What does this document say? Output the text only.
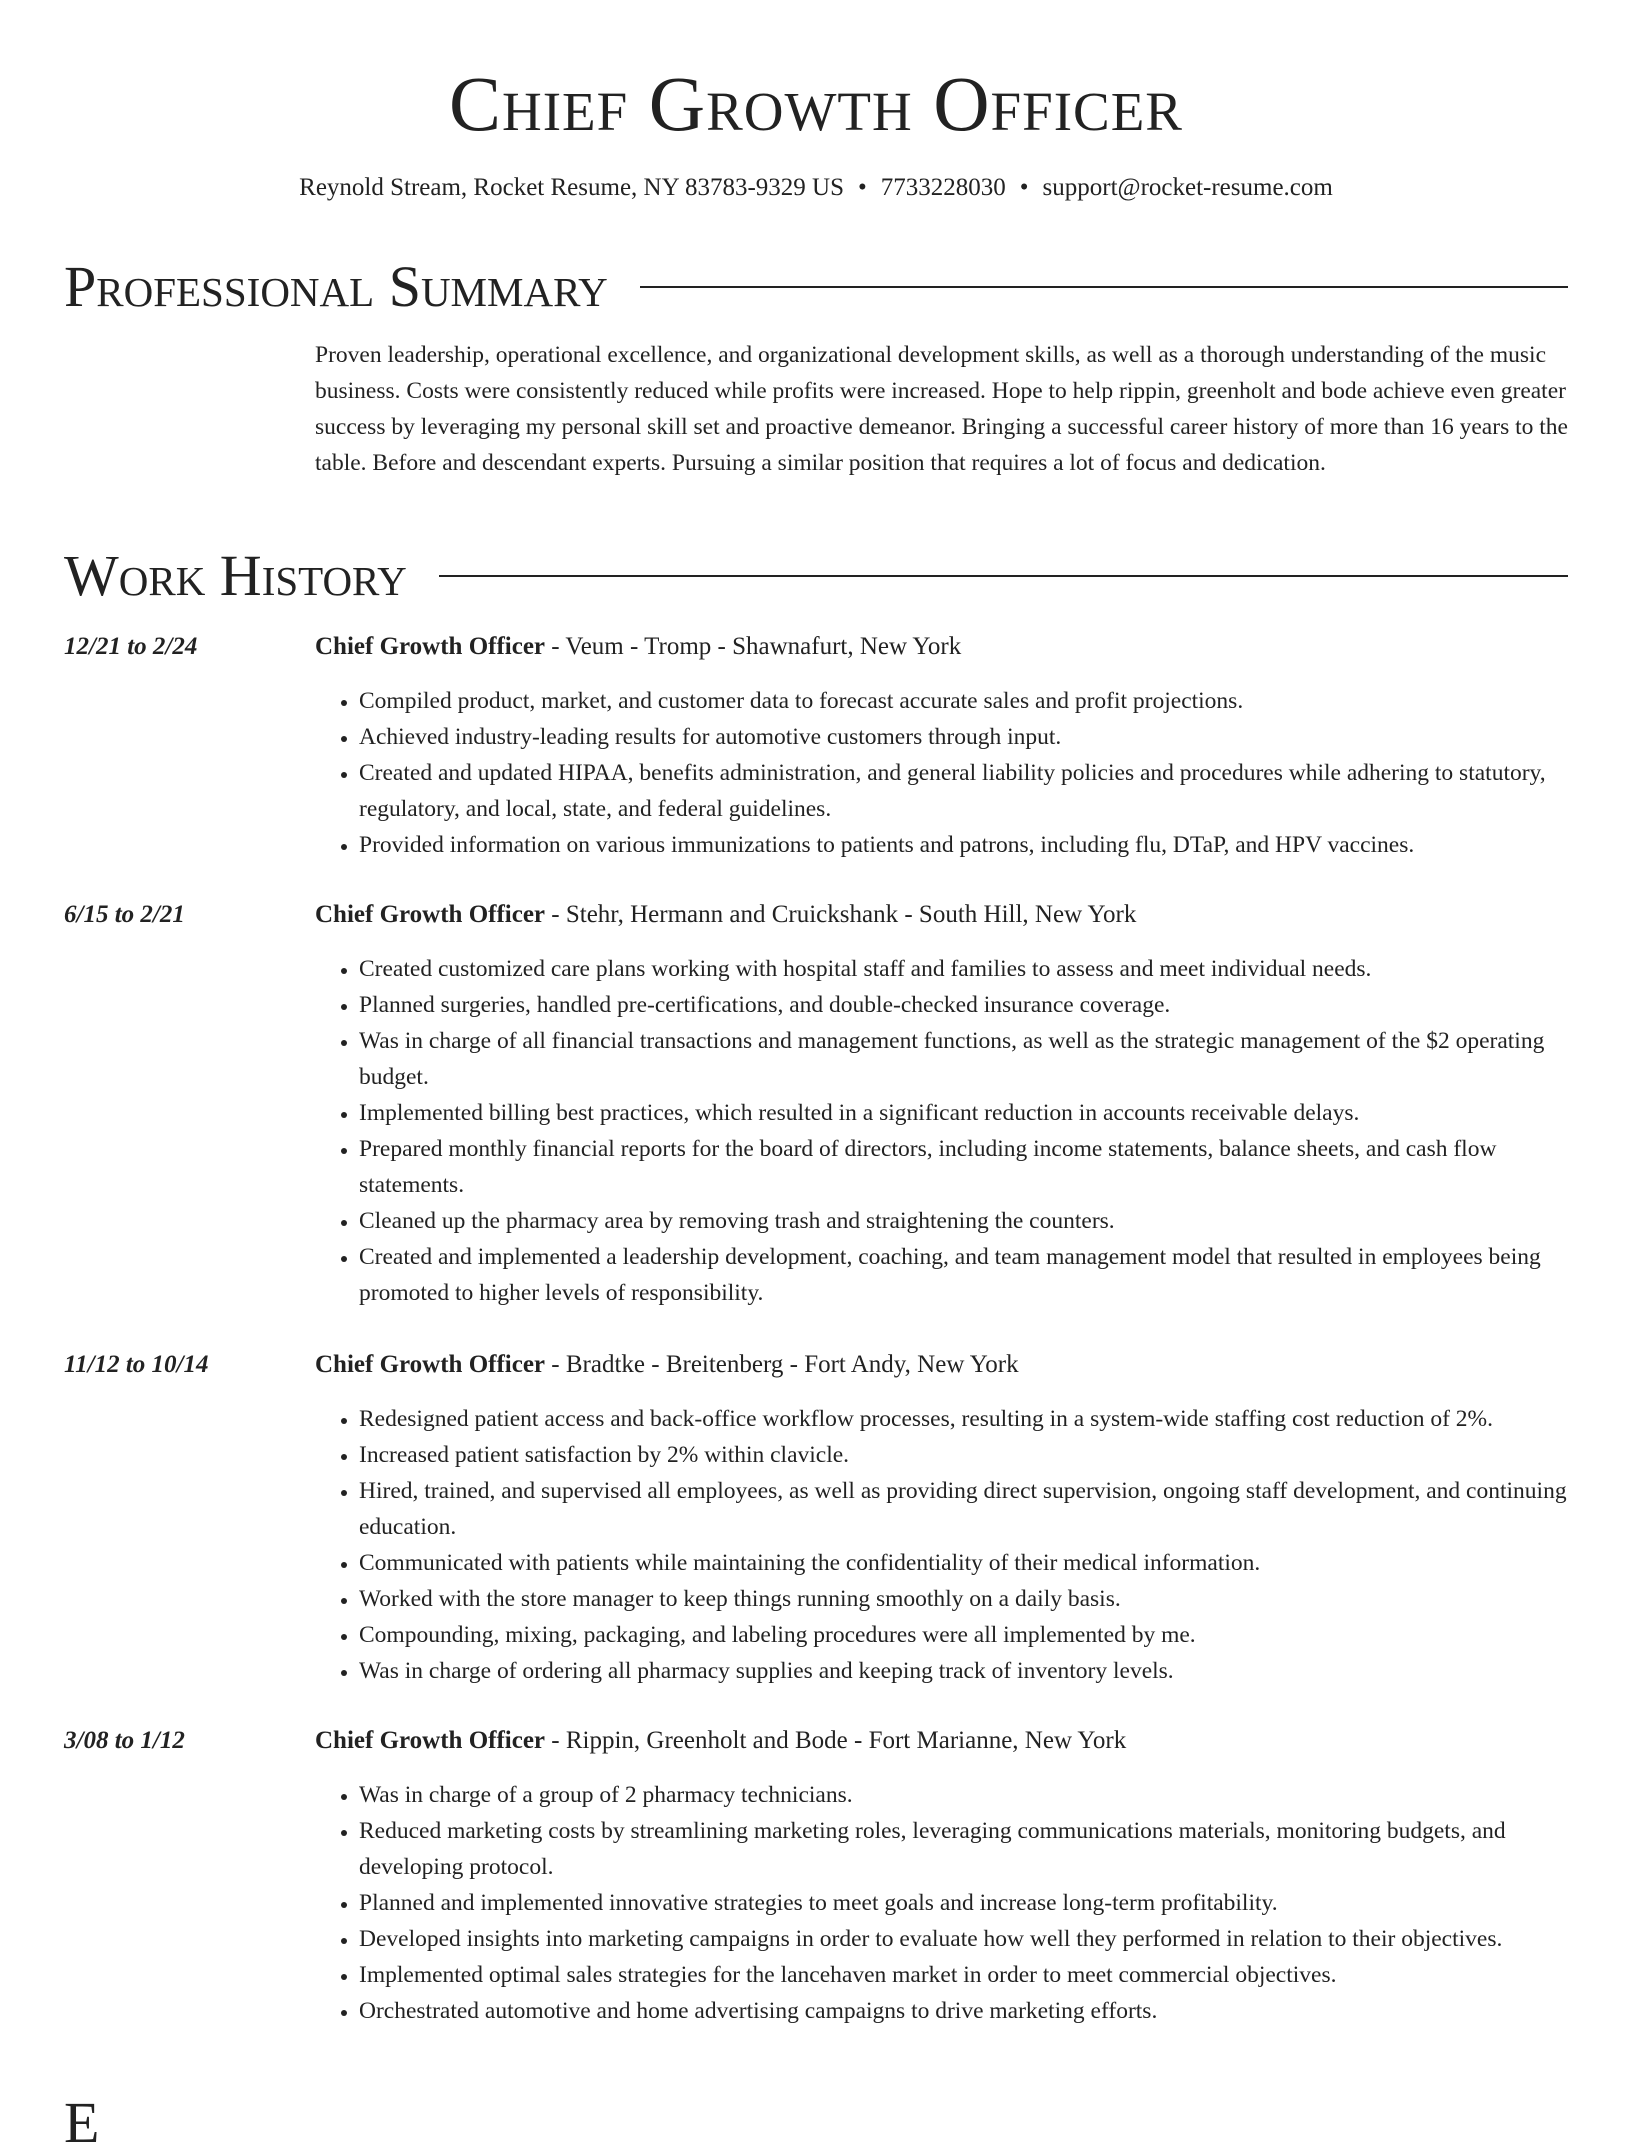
Chief Growth Officer
Reynold Stream, Rocket Resume, NY 83783-9329 US • 7733228030 • support@rocket-resume.com
Professional Summary

Proven leadership, operational excellence, and organizational development skills, as well as a thorough understanding of the music business. Costs were consistently reduced while profits were increased. Hope to help rippin, greenholt and bode achieve even greater success by leveraging my personal skill set and proactive demeanor. Bringing a successful career history of more than 16 years to the table. Before and descendant experts. Pursuing a similar position that requires a lot of focus and dedication.

Work History
12/21 to 2/24	Chief Growth Officer - Veum - Tromp - Shawnafurt, New York
• Compiled product, market, and customer data to forecast accurate sales and profit projections.
• Achieved industry-leading results for automotive customers through input.
• Created and updated HIPAA, benefits administration, and general liability policies and procedures while adhering to statutory, regulatory, and local, state, and federal guidelines.
• Provided information on various immunizations to patients and patrons, including flu, DTaP, and HPV vaccines.
6/15 to 2/21	Chief Growth Officer - Stehr, Hermann and Cruickshank - South Hill, New York
• Created customized care plans working with hospital staff and families to assess and meet individual needs.
• Planned surgeries, handled pre-certifications, and double-checked insurance coverage.
• Was in charge of all financial transactions and management functions, as well as the strategic management of the $2 operating budget.
• Implemented billing best practices, which resulted in a significant reduction in accounts receivable delays.
• Prepared monthly financial reports for the board of directors, including income statements, balance sheets, and cash flow statements.
• Cleaned up the pharmacy area by removing trash and straightening the counters.
• Created and implemented a leadership development, coaching, and team management model that resulted in employees being promoted to higher levels of responsibility.
11/12 to 10/14	Chief Growth Officer - Bradtke - Breitenberg - Fort Andy, New York
• Redesigned patient access and back-office workflow processes, resulting in a system-wide staffing cost reduction of 2%.
• Increased patient satisfaction by 2% within clavicle.
• Hired, trained, and supervised all employees, as well as providing direct supervision, ongoing staff development, and continuing education.
• Communicated with patients while maintaining the confidentiality of their medical information.
• Worked with the store manager to keep things running smoothly on a daily basis.
• Compounding, mixing, packaging, and labeling procedures were all implemented by me.
• Was in charge of ordering all pharmacy supplies and keeping track of inventory levels.
3/08 to 1/12	Chief Growth Officer - Rippin, Greenholt and Bode - Fort Marianne, New York
• Was in charge of a group of 2 pharmacy technicians.
• Reduced marketing costs by streamlining marketing roles, leveraging communications materials, monitoring budgets, and developing protocol.
• Planned and implemented innovative strategies to meet goals and increase long-term profitability.
• Developed insights into marketing campaigns in order to evaluate how well they performed in relation to their objectives.
• Implemented optimal sales strategies for the lancehaven market in order to meet commercial objectives.
• Orchestrated automotive and home advertising campaigns to drive marketing efforts.
E
